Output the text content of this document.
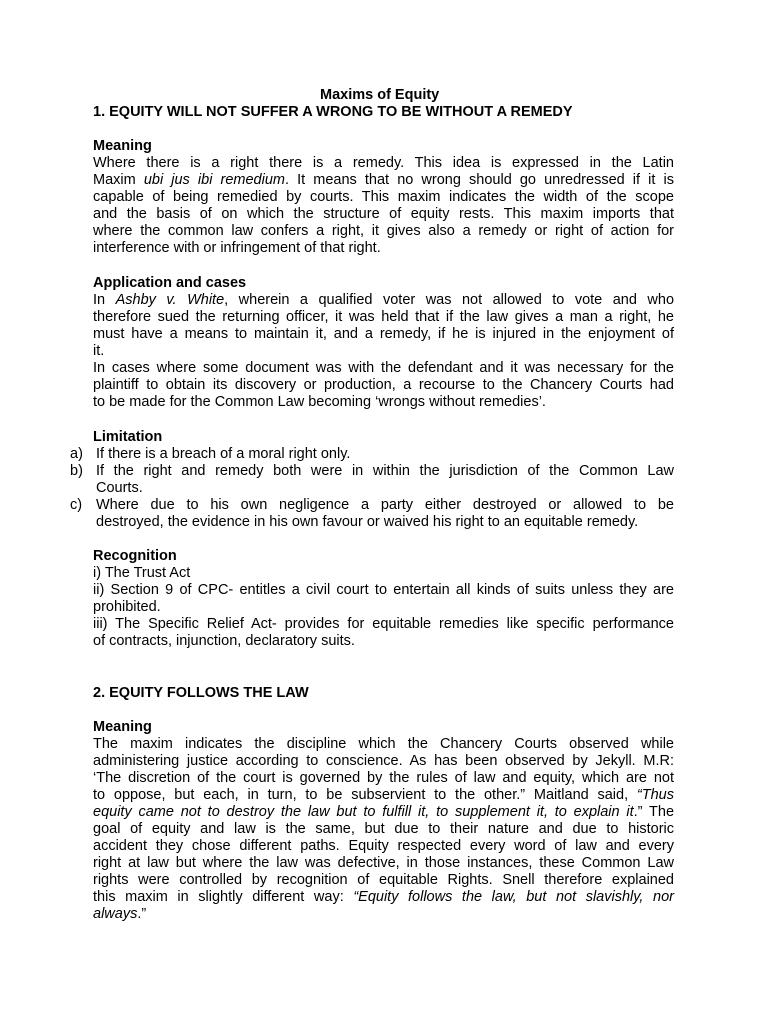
Maxims of Equity
1. EQUITY WILL NOT SUFFER A WRONG TO BE WITHOUT A REMEDY
Meaning
Where there is a right there is a remedy. This idea is expressed in the Latin
Maxim ubi jus ibi remedium. It means that no wrong should go unredressed if it is
capable of being remedied by courts. This maxim indicates the width of the scope
and the basis of on which the structure of equity rests. This maxim imports that
where the common law confers a right, it gives also a remedy or right of action for
interference with or infringement of that right.
Application and cases
In Ashby v. White, wherein a qualified voter was not allowed to vote and who
therefore sued the returning officer, it was held that if the law gives a man a right, he
must have a means to maintain it, and a remedy, if he is injured in the enjoyment of
it.
In cases where some document was with the defendant and it was necessary for the
plaintiff to obtain its discovery or production, a recourse to the Chancery Courts had
to be made for the Common Law becoming ‘wrongs without remedies’.
Limitation
a) If there is a breach of a moral right only.
b) If the right and remedy both were in within the jurisdiction of the Common Law
Courts.
c) Where due to his own negligence a party either destroyed or allowed to be
destroyed, the evidence in his own favour or waived his right to an equitable remedy.
Recognition
i) The Trust Act
ii) Section 9 of CPC- entitles a civil court to entertain all kinds of suits unless they are
prohibited.
iii) The Specific Relief Act- provides for equitable remedies like specific performance
of contracts, injunction, declaratory suits.
2. EQUITY FOLLOWS THE LAW
Meaning
The maxim indicates the discipline which the Chancery Courts observed while
administering justice according to conscience. As has been observed by Jekyll. M.R:
‘The discretion of the court is governed by the rules of law and equity, which are not
to oppose, but each, in turn, to be subservient to the other.” Maitland said, “Thus
equity came not to destroy the law but to fulfill it, to supplement it, to explain it.” The
goal of equity and law is the same, but due to their nature and due to historic
accident they chose different paths. Equity respected every word of law and every
right at law but where the law was defective, in those instances, these Common Law
rights were controlled by recognition of equitable Rights. Snell therefore explained
this maxim in slightly different way: “Equity follows the law, but not slavishly, nor
always.”
